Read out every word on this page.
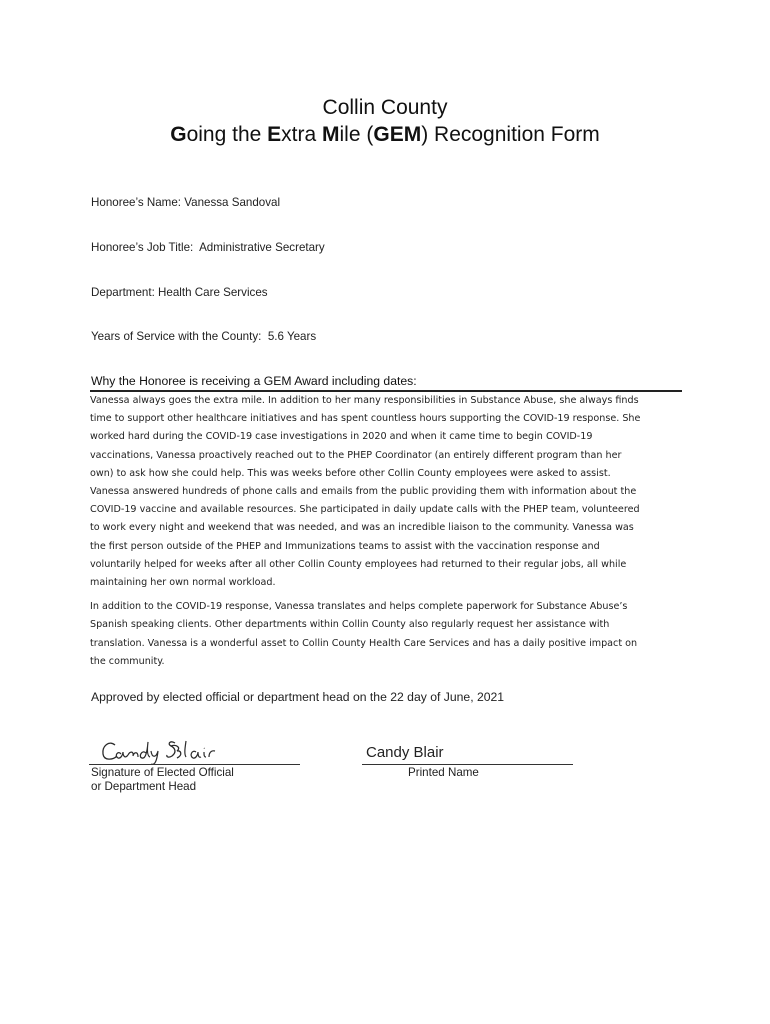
Collin County
Going the Extra Mile (GEM) Recognition Form
Honoree’s Name: Vanessa Sandoval
Honoree’s Job Title: Administrative Secretary
Department: Health Care Services
Years of Service with the County: 5.6 Years
Why the Honoree is receiving a GEM Award including dates:

Vanessa always goes the extra mile. In addition to her many responsibilities in Substance Abuse, she always finds
time to support other healthcare initiatives and has spent countless hours supporting the COVID-19 response. She
worked hard during the COVID-19 case investigations in 2020 and when it came time to begin COVID-19
vaccinations, Vanessa proactively reached out to the PHEP Coordinator (an entirely different program than her
own) to ask how she could help. This was weeks before other Collin County employees were asked to assist.
Vanessa answered hundreds of phone calls and emails from the public providing them with information about the
COVID-19 vaccine and available resources. She participated in daily update calls with the PHEP team, volunteered
to work every night and weekend that was needed, and was an incredible liaison to the community. Vanessa was
the first person outside of the PHEP and Immunizations teams to assist with the vaccination response and
voluntarily helped for weeks after all other Collin County employees had returned to their regular jobs, all while
maintaining her own normal workload.

In addition to the COVID-19 response, Vanessa translates and helps complete paperwork for Substance Abuse’s
Spanish speaking clients. Other departments within Collin County also regularly request her assistance with
translation. Vanessa is a wonderful asset to Collin County Health Care Services and has a daily positive impact on
the community.

Approved by elected official or department head on the 22 day of June, 2021
Candy Blair
Signature of Elected Official
or Department Head
Candy Blair
Printed Name
